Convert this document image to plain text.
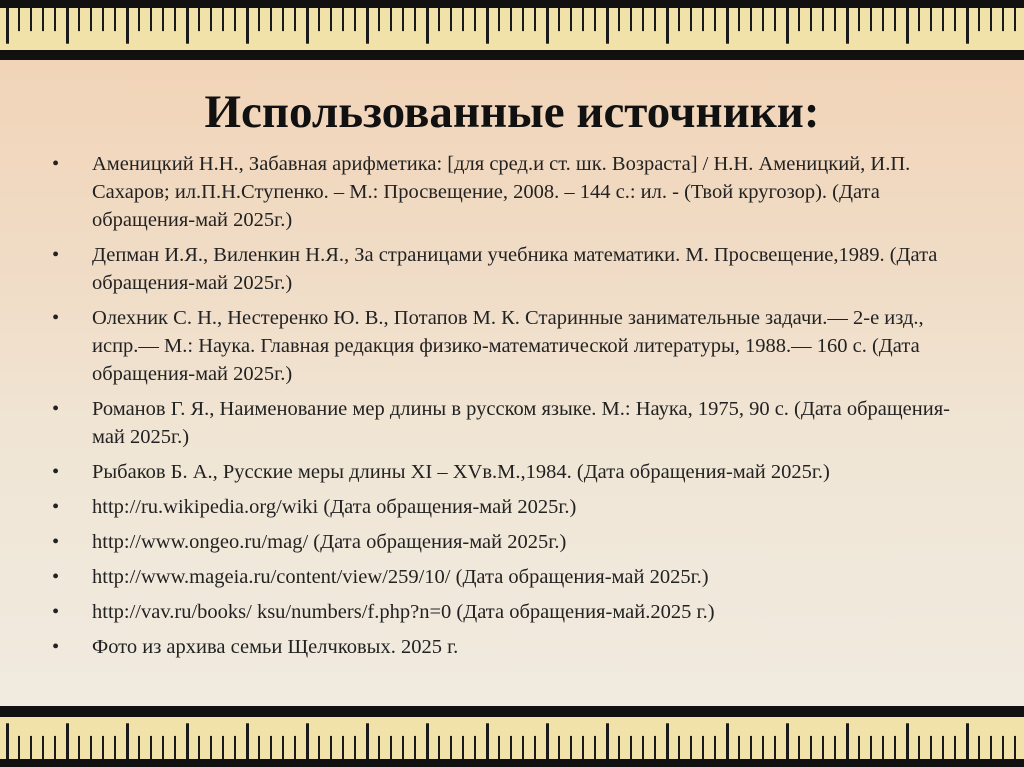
Использованные источники:
•	Аменицкий Н.Н., Забавная арифметика: [для сред.и ст. шк. Возраста] / Н.Н. Аменицкий, И.П. Сахаров; ил.П.Н.Ступенко. – М.: Просвещение, 2008. – 144 с.: ил. - (Твой кругозор). (Дата обращения-май 2025г.)
•	Депман И.Я., Виленкин Н.Я., За страницами учебника математики. М. Просвещение,1989. (Дата обращения-май 2025г.)
•	Олехник С. Н., Нестеренко Ю. В., Потапов М. К. Старинные занимательные задачи.— 2-е изд., испр.— М.: Наука. Главная редакция физико-математической литературы, 1988.— 160 с. (Дата обращения-май 2025г.)
•	Романов Г. Я., Наименование мер длины в русском языке. М.: Наука, 1975, 90 с. (Дата обращения-май 2025г.)
•	Рыбаков Б. А., Русские меры длины XI – XVв.М.,1984. (Дата обращения-май 2025г.)
•	http://ru.wikipedia.org/wiki (Дата обращения-май 2025г.)
•	http://www.ongeo.ru/mag/ (Дата обращения-май 2025г.)
•	http://www.mageia.ru/content/view/259/10/ (Дата обращения-май 2025г.)
•	http://vav.ru/books/ ksu/numbers/f.php?n=0 (Дата обращения-май.2025 г.)
•	Фото из архива семьи Щелчковых. 2025 г.
